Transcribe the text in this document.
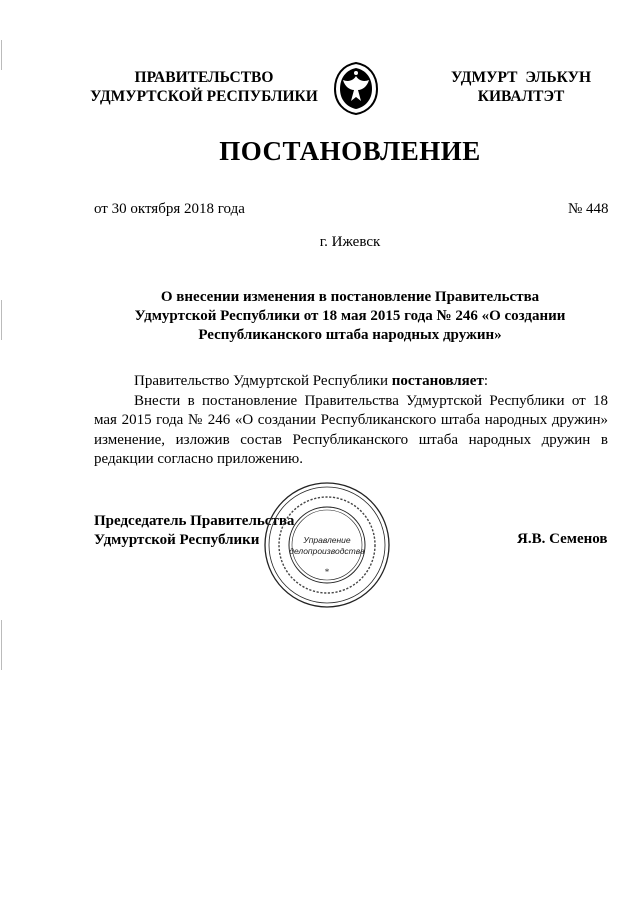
ПРАВИТЕЛЬСТВО
УДМУРТСКОЙ РЕСПУБЛИКИ
УДМУРТ ЭЛЬКУН
КИВАЛТЭТ
ПОСТАНОВЛЕНИЕ
от 30 октября 2018 года	№ 448
г. Ижевск
О внесении изменения в постановление Правительства
Удмуртской Республики от 18 мая 2015 года № 246 «О создании
Республиканского штаба народных дружин»

Правительство Удмуртской Республики постановляет:

Внести в постановление Правительства Удмуртской Республики от 18 мая 2015 года № 246 «О создании Республиканского штаба народных дружин» изменение, изложив состав Республиканского штаба народных дружин в редакции согласно приложению.

Председатель Правительства
Удмуртской Республики	Управление
делопроизводства
*
Я.В. Семенов
